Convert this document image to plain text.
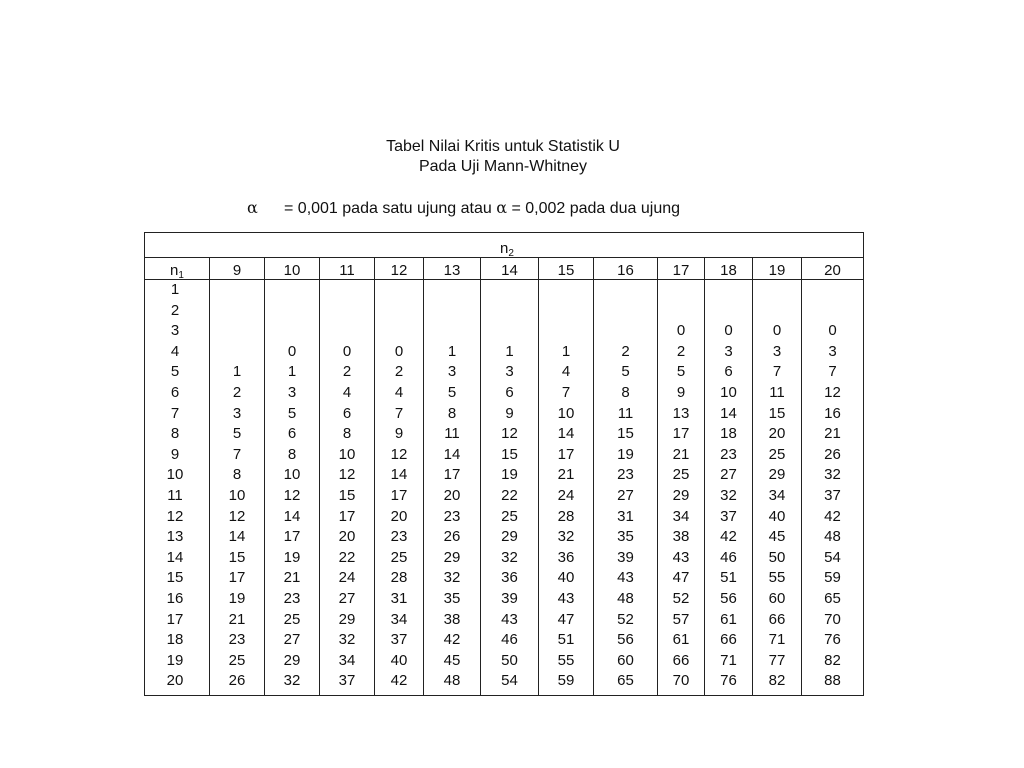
Tabel Nilai Kritis untuk Statistik U
Pada Uji Mann-Whitney
α = 0,001 pada satu ujung atau α = 0,002 pada dua ujung
$n_2$
$n_1$
1
2
3
4
5
6
7
8
9
10
11
12
13
14
15
16
17
18
19
20
9
1
2
3
5
7
8
10
12
14
15
17
19
21
23
25
26
10
0
1
3
5
6
8
10
12
14
17
19
21
23
25
27
29
32
11
0
2
4
6
8
10
12
15
17
20
22
24
27
29
32
34
37
12
0
2
4
7
9
12
14
17
20
23
25
28
31
34
37
40
42
13
1
3
5
8
11
14
17
20
23
26
29
32
35
38
42
45
48
14
1
3
6
9
12
15
19
22
25
29
32
36
39
43
46
50
54
15
1
4
7
10
14
17
21
24
28
32
36
40
43
47
51
55
59
16
2
5
8
11
15
19
23
27
31
35
39
43
48
52
56
60
65
17
0
2
5
9
13
17
21
25
29
34
38
43
47
52
57
61
66
70
18
0
3
6
10
14
18
23
27
32
37
42
46
51
56
61
66
71
76
19
0
3
7
11
15
20
25
29
34
40
45
50
55
60
66
71
77
82
20
0
3
7
12
16
21
26
32
37
42
48
54
59
65
70
76
82
88
